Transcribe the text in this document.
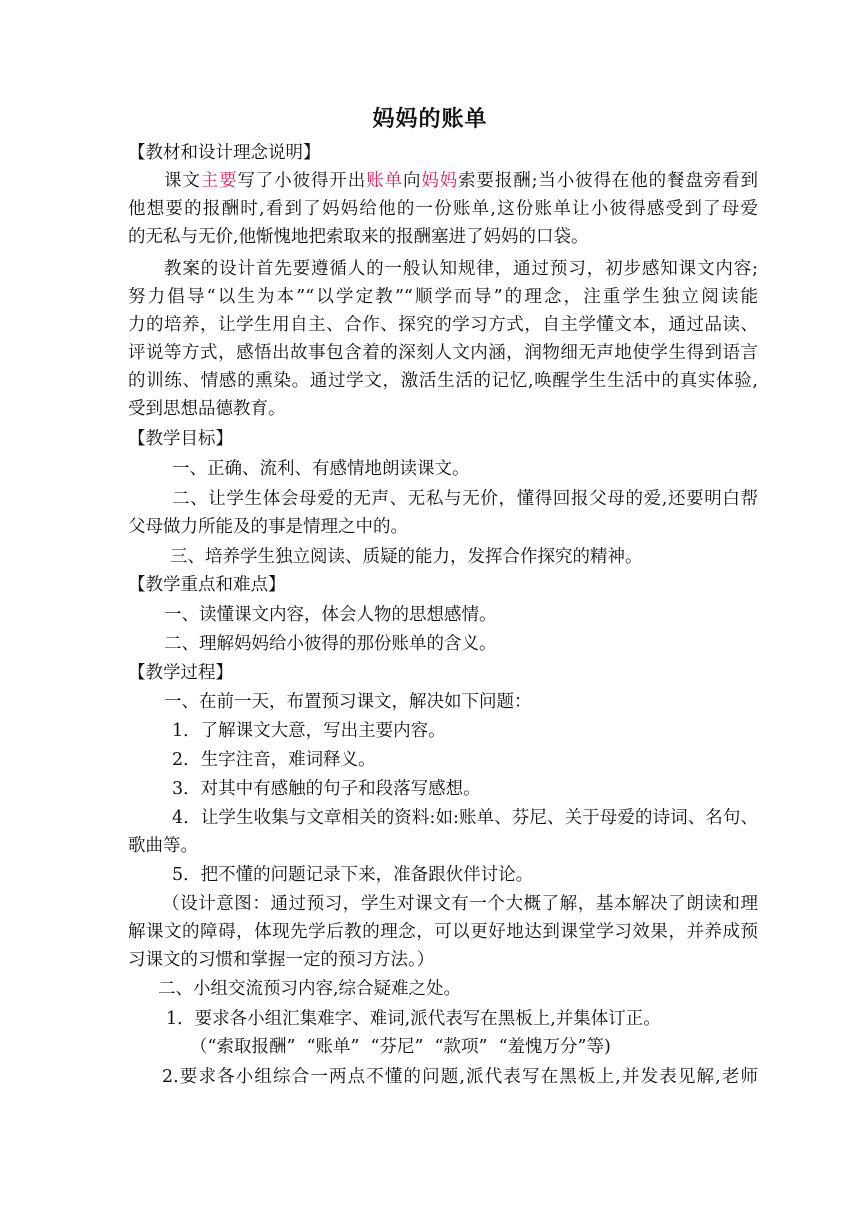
妈妈的账单
【教材和设计理念说明】
课文主要写了小彼得开出账单向妈妈索要报酬;当小彼得在他的餐盘旁看到
他想要的报酬时,看到了妈妈给他的一份账单,这份账单让小彼得感受到了母爱
的无私与无价,他惭愧地把索取来的报酬塞进了妈妈的口袋。
教案的设计首先要遵循人的一般认知规律，通过预习，初步感知课文内容;
努力倡导“以生为本”“以学定教”“顺学而导”的理念，注重学生独立阅读能
力的培养，让学生用自主、合作、探究的学习方式，自主学懂文本，通过品读、
评说等方式，感悟出故事包含着的深刻人文内涵，润物细无声地使学生得到语言
的训练、情感的熏染。通过学文，激活生活的记忆,唤醒学生生活中的真实体验,
受到思想品德教育。
【教学目标】
一、正确、流利、有感情地朗读课文。
二、让学生体会母爱的无声、无私与无价，懂得回报父母的爱,还要明白帮
父母做力所能及的事是情理之中的。
三、培养学生独立阅读、质疑的能力，发挥合作探究的精神。
【教学重点和难点】
一、读懂课文内容，体会人物的思想感情。
二、理解妈妈给小彼得的那份账单的含义。
【教学过程】
一、在前一天，布置预习课文，解决如下问题：
1．了解课文大意，写出主要内容。
2．生字注音，难词释义。
3．对其中有感触的句子和段落写感想。
4．让学生收集与文章相关的资料:如:账单、芬尼、关于母爱的诗词、名句、
歌曲等。
5．把不懂的问题记录下来，准备跟伙伴讨论。
（设计意图：通过预习，学生对课文有一个大概了解，基本解决了朗读和理
解课文的障碍，体现先学后教的理念，可以更好地达到课堂学习效果，并养成预
习课文的习惯和掌握一定的预习方法。）
二、小组交流预习内容,综合疑难之处。
1．要求各小组汇集难字、难词,派代表写在黑板上,并集体订正。
（“索取报酬”  “账单”  “芬尼”  “款项”  “羞愧万分”等)
2.要求各小组综合一两点不懂的问题,派代表写在黑板上,并发表见解,老师
